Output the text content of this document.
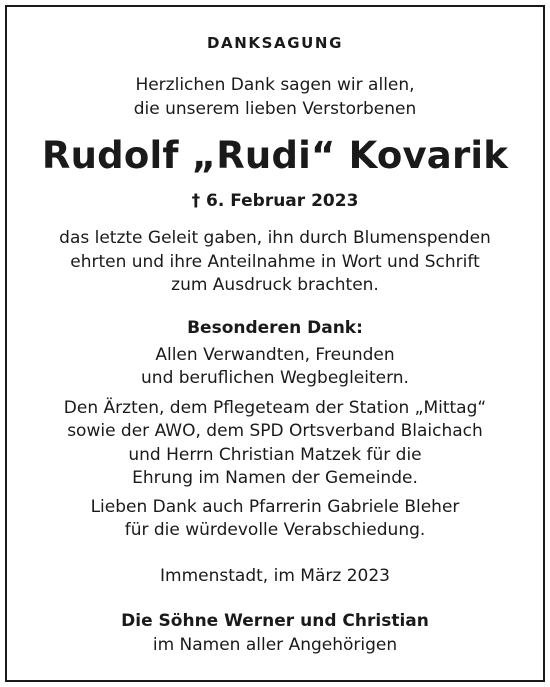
DANKSAGUNG
Herzlichen Dank sagen wir allen,
die unserem lieben Verstorbenen
Rudolf „Rudi“ Kovarik
† 6. Februar 2023
das letzte Geleit gaben, ihn durch Blumenspenden
ehrten und ihre Anteilnahme in Wort und Schrift
zum Ausdruck brachten.
Besonderen Dank:
Allen Verwandten, Freunden
und beruflichen Wegbegleitern.
Den Ärzten, dem Pflegeteam der Station „Mittag“
sowie der AWO, dem SPD Ortsverband Blaichach
und Herrn Christian Matzek für die
Ehrung im Namen der Gemeinde.
Lieben Dank auch Pfarrerin Gabriele Bleher
für die würdevolle Verabschiedung.
Immenstadt, im März 2023
Die Söhne Werner und Christian
im Namen aller Angehörigen
